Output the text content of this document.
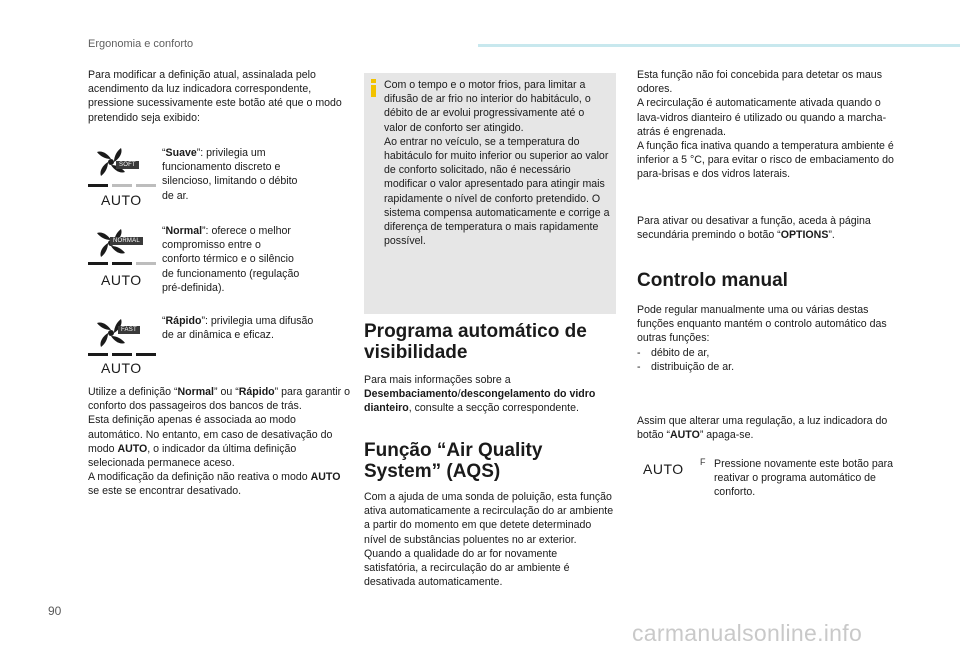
Ergonomia e conforto

Para modificar a definição atual, assinalada pelo acendimento da luz indicadora correspondente, pressione sucessivamente este botão até que o modo pretendido seja exibido:

SOFT
AUTO

“Suave”: privilegia um funcionamento discreto e silencioso, limitando o débito de ar.

NORMAL
AUTO

“Normal”: oferece o melhor compromisso entre o conforto térmico e o silêncio de funcionamento (regulação pré-definida).

FAST
AUTO

“Rápido”: privilegia uma difusão de ar dinâmica e eficaz.

Utilize a definição “Normal” ou “Rápido” para garantir o conforto dos passageiros dos bancos de trás.

Esta definição apenas é associada ao modo automático. No entanto, em caso de desativação do modo AUTO, o indicador da última definição selecionada permanece aceso.

A modificação da definição não reativa o modo AUTO se este se encontrar desativado.

Com o tempo e o motor frios, para limitar a difusão de ar frio no interior do habitáculo, o débito de ar evolui progressivamente até o valor de conforto ser atingido.

Ao entrar no veículo, se a temperatura do habitáculo for muito inferior ou superior ao valor de conforto solicitado, não é necessário modificar o valor apresentado para atingir mais rapidamente o nível de conforto pretendido. O sistema compensa automaticamente e corrige a diferença de temperatura o mais rapidamente possível.

Programa automático de visibilidade

Para mais informações sobre a Desembaciamento/descongelamento do vidro dianteiro, consulte a secção correspondente.

Função “Air Quality System” (AQS)

Com a ajuda de uma sonda de poluição, esta função ativa automaticamente a recirculação do ar ambiente a partir do momento em que detete determinado nível de substâncias poluentes no ar exterior.

Quando a qualidade do ar for novamente satisfatória, a recirculação do ar ambiente é desativada automaticamente.

Esta função não foi concebida para detetar os maus odores.

A recirculação é automaticamente ativada quando o lava-vidros dianteiro é utilizado ou quando a marcha-atrás é engrenada.

A função fica inativa quando a temperatura ambiente é inferior a 5 °C, para evitar o risco de embaciamento do para-brisas e dos vidros laterais.

Para ativar ou desativar a função, aceda à página secundária premindo o botão “OPTIONS”.

Controlo manual

Pode regular manualmente uma ou várias destas funções enquanto mantém o controlo automático das outras funções:

- débito de ar,
- distribuição de ar.

Assim que alterar uma regulação, a luz indicadora do botão “AUTO” apaga-se.

AUTO F Pressione novamente este botão para reativar o programa automático de conforto.

90
carmanualsonline.info
